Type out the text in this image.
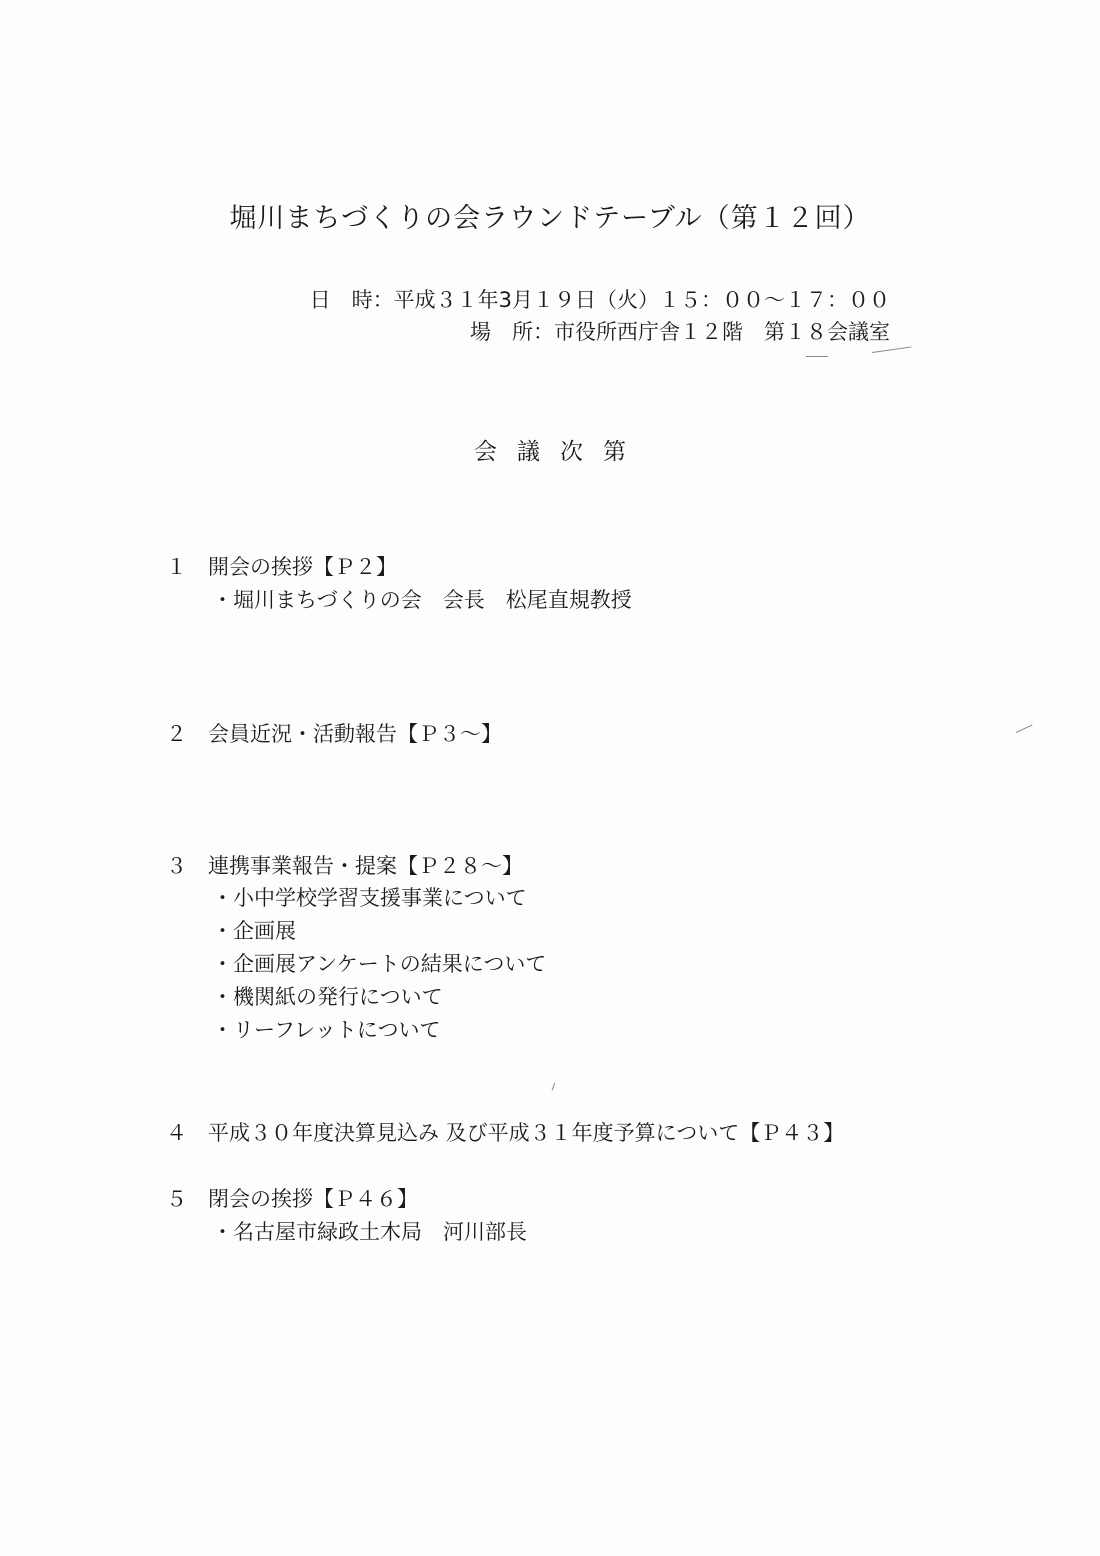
堀川まちづくりの会ラウンドテーブル（第１２回）
日　時：平成３１年3月１９日（火）１５：００～１７：００
場　所：市役所西庁舎１２階　第１８会議室
会議次第
１ 開会の挨拶【Ｐ２】
・堀川まちづくりの会　会長　松尾直規教授
２ 会員近況・活動報告【Ｐ３～】
３ 連携事業報告・提案【Ｐ２８～】
・小中学校学習支援事業について
・企画展
・企画展アンケートの結果について
・機関紙の発行について
・リーフレットについて
４ 平成３０年度決算見込み 及び平成３１年度予算について【Ｐ４３】
５ 閉会の挨拶【Ｐ４６】
・名古屋市緑政土木局　河川部長
